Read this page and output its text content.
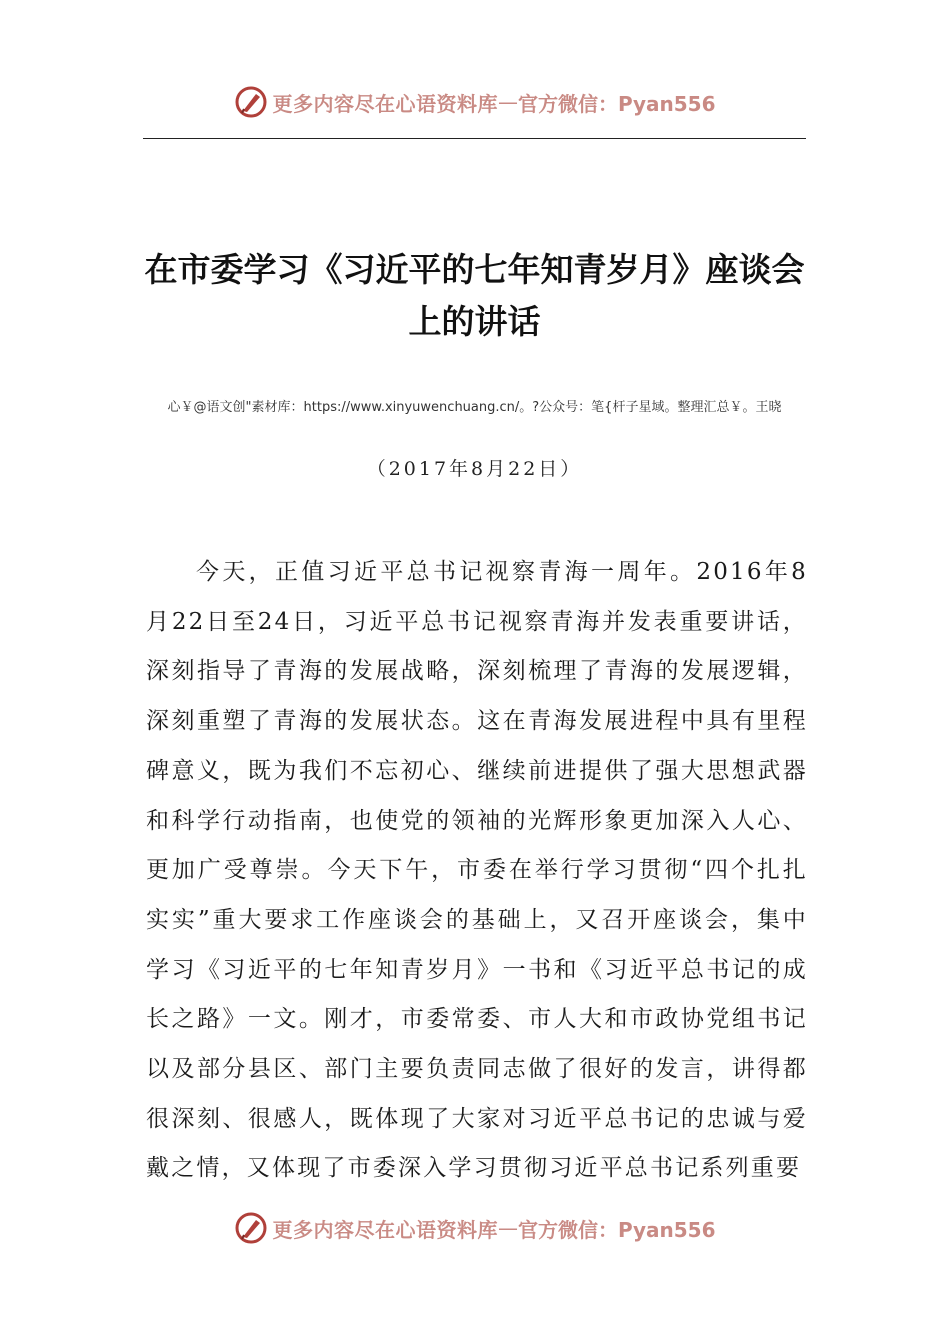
更多内容尽在心语资料库 — 官方微信：Pyan556
在市委学习《习近平的七年知青岁月》座谈会上的讲话
心￥@语文创"素材库：https://www.xinyuwenchuang.cn/。?公众号：笔{杆子星域。整理汇总￥。王晓
（2017年8月22日）

今天，正值习近平总书记视察青海一周年。2016年8月22日至24日，习近平总书记视察青海并发表重要讲话，深刻指导了青海的发展战略，深刻梳理了青海的发展逻辑，深刻重塑了青海的发展状态。这在青海发展进程中具有里程碑意义，既为我们不忘初心、继续前进提供了强大思想武器和科学行动指南，也使党的领袖的光辉形象更加深入人心、更加广受尊崇。今天下午，市委在举行学习贯彻“四个扎扎实实”重大要求工作座谈会的基础上，又召开座谈会，集中学习《习近平的七年知青岁月》一书和《习近平总书记的成长之路》一文。刚才，市委常委、市人大和市政协党组书记以及部分县区、部门主要负责同志做了很好的发言，讲得都很深刻、很感人，既体现了大家对习近平总书记的忠诚与爱戴之情，又体现了市委深入学习贯彻习近平总书记系列重要

更多内容尽在心语资料库 — 官方微信：Pyan556
